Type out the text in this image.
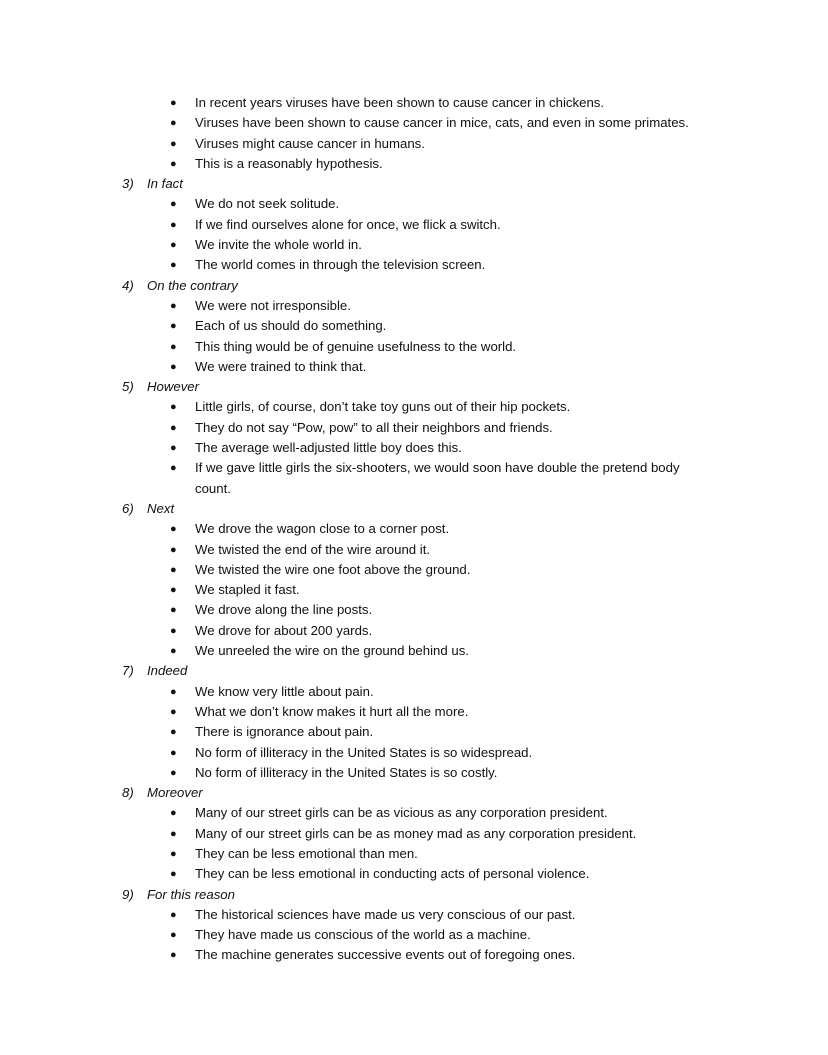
● In recent years viruses have been shown to cause cancer in chickens.
● Viruses have been shown to cause cancer in mice, cats, and even in some primates.
● Viruses might cause cancer in humans.
● This is a reasonably hypothesis.
3) In fact
● We do not seek solitude.
● If we find ourselves alone for once, we flick a switch.
● We invite the whole world in.
● The world comes in through the television screen.
4) On the contrary
● We were not irresponsible.
● Each of us should do something.
● This thing would be of genuine usefulness to the world.
● We were trained to think that.
5) However
● Little girls, of course, don’t take toy guns out of their hip pockets.
● They do not say “Pow, pow” to all their neighbors and friends.
● The average well-adjusted little boy does this.
● If we gave little girls the six-shooters, we would soon have double the pretend body count.
6) Next
● We drove the wagon close to a corner post.
● We twisted the end of the wire around it.
● We twisted the wire one foot above the ground.
● We stapled it fast.
● We drove along the line posts.
● We drove for about 200 yards.
● We unreeled the wire on the ground behind us.
7) Indeed
● We know very little about pain.
● What we don’t know makes it hurt all the more.
● There is ignorance about pain.
● No form of illiteracy in the United States is so widespread.
● No form of illiteracy in the United States is so costly.
8) Moreover
● Many of our street girls can be as vicious as any corporation president.
● Many of our street girls can be as money mad as any corporation president.
● They can be less emotional than men.
● They can be less emotional in conducting acts of personal violence.
9) For this reason
● The historical sciences have made us very conscious of our past.
● They have made us conscious of the world as a machine.
● The machine generates successive events out of foregoing ones.
